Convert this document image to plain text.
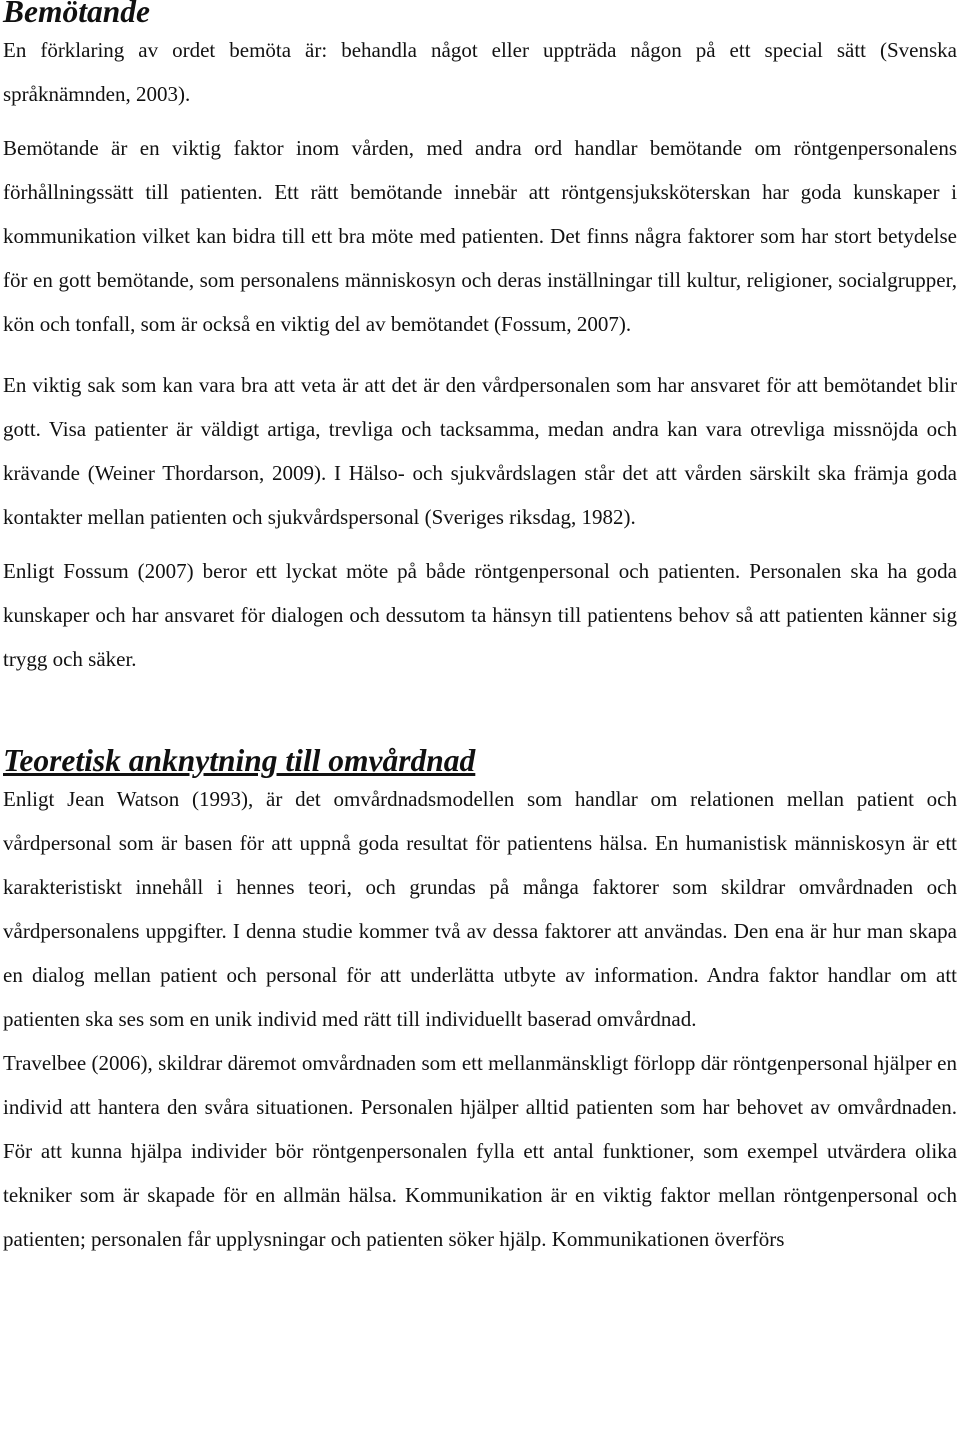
Bemötande

En förklaring av ordet bemöta är: behandla något eller uppträda någon på ett special sätt (Svenska språknämnden, 2003).

Bemötande är en viktig faktor inom vården, med andra ord handlar bemötande om röntgenpersonalens förhållningssätt till patienten. Ett rätt bemötande innebär att röntgensjuksköterskan har goda kunskaper i kommunikation vilket kan bidra till ett bra möte med patienten. Det finns några faktorer som har stort betydelse för en gott bemötande, som personalens människosyn och deras inställningar till kultur, religioner, socialgrupper, kön och tonfall, som är också en viktig del av bemötandet (Fossum, 2007).

En viktig sak som kan vara bra att veta är att det är den vårdpersonalen som har ansvaret för att bemötandet blir gott. Visa patienter är väldigt artiga, trevliga och tacksamma, medan andra kan vara otrevliga missnöjda och krävande (Weiner Thordarson, 2009). I Hälso- och sjukvårdslagen står det att vården särskilt ska främja goda kontakter mellan patienten och sjukvårdspersonal (Sveriges riksdag, 1982).

Enligt Fossum (2007) beror ett lyckat möte på både röntgenpersonal och patienten. Personalen ska ha goda kunskaper och har ansvaret för dialogen och dessutom ta hänsyn till patientens behov så att patienten känner sig trygg och säker.

Teoretisk anknytning till omvårdnad

Enligt Jean Watson (1993), är det omvårdnadsmodellen som handlar om relationen mellan patient och vårdpersonal som är basen för att uppnå goda resultat för patientens hälsa. En humanistisk människosyn är ett karakteristiskt innehåll i hennes teori, och grundas på många faktorer som skildrar omvårdnaden och vårdpersonalens uppgifter. I denna studie kommer två av dessa faktorer att användas. Den ena är hur man skapa en dialog mellan patient och personal för att underlätta utbyte av information. Andra faktor handlar om att patienten ska ses som en unik individ med rätt till individuellt baserad omvårdnad.

Travelbee (2006), skildrar däremot omvårdnaden som ett mellanmänskligt förlopp där röntgenpersonal hjälper en individ att hantera den svåra situationen. Personalen hjälper alltid patienten som har behovet av omvårdnaden. För att kunna hjälpa individer bör röntgenpersonalen fylla ett antal funktioner, som exempel utvärdera olika tekniker som är skapade för en allmän hälsa. Kommunikation är en viktig faktor mellan röntgenpersonal och patienten; personalen får upplysningar och patienten söker hjälp. Kommunikationen överförs
